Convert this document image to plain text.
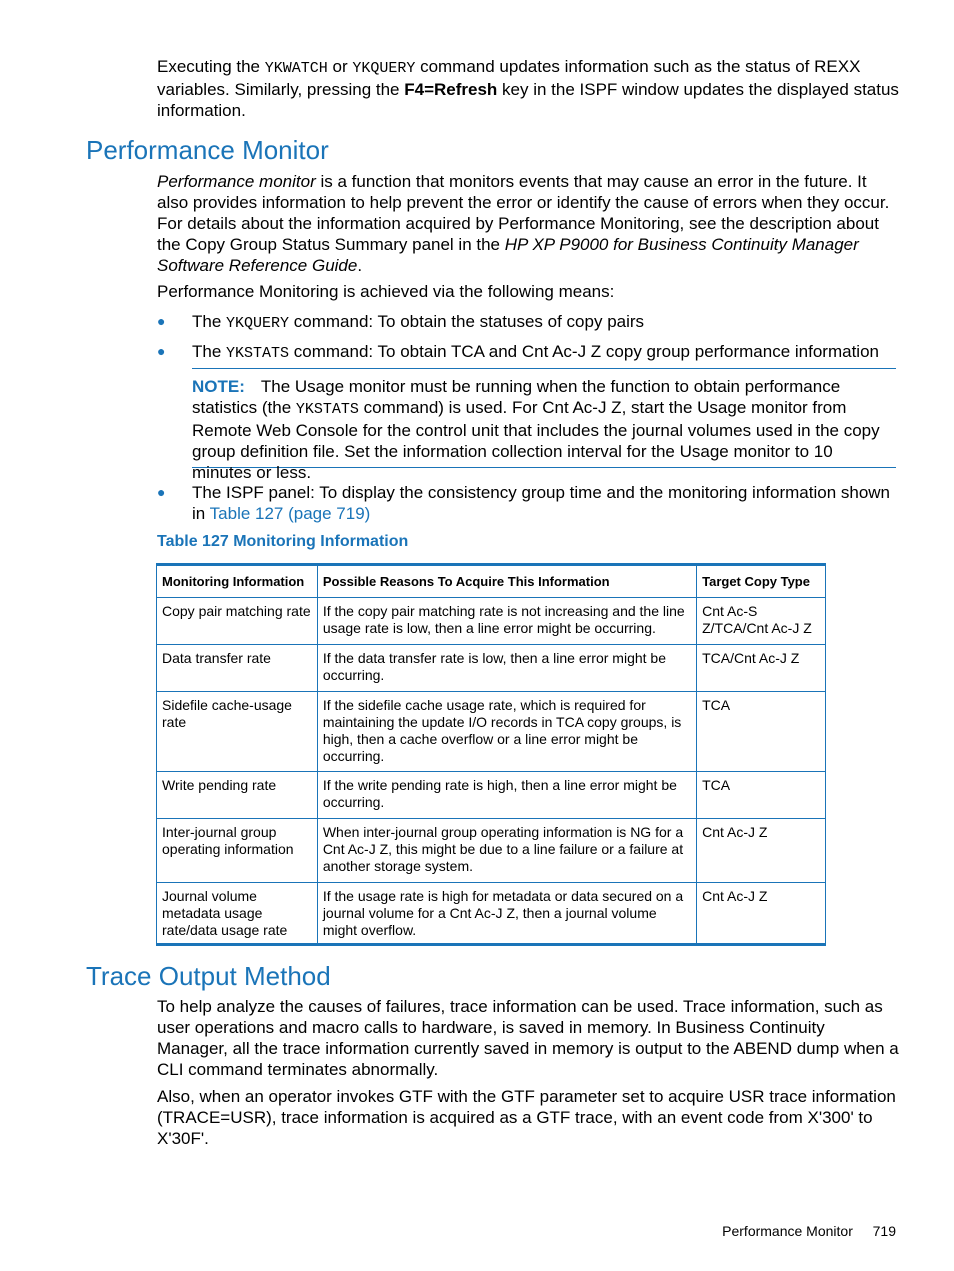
Executing the YKWATCH or YKQUERY command updates information such as the status of REXX variables. Similarly, pressing the F4=Refresh key in the ISPF window updates the displayed status information.

Performance Monitor

Performance monitor is a function that monitors events that may cause an error in the future. It also provides information to help prevent the error or identify the cause of errors when they occur. For details about the information acquired by Performance Monitoring, see the description about the Copy Group Status Summary panel in the HP XP P9000 for Business Continuity Manager Software Reference Guide.

Performance Monitoring is achieved via the following means:

● The YKQUERY command: To obtain the statuses of copy pairs
● The YKSTATS command: To obtain TCA and Cnt Ac-J Z copy group performance information
NOTE: The Usage monitor must be running when the function to obtain performance statistics (the YKSTATS command) is used. For Cnt Ac-J Z, start the Usage monitor from Remote Web Console for the control unit that includes the journal volumes used in the copy group definition file. Set the information collection interval for the Usage monitor to 10 minutes or less.
● The ISPF panel: To display the consistency group time and the monitoring information shown in Table 127 (page 719)
Table 127 Monitoring Information
Monitoring Information	Possible Reasons To Acquire This Information	Target Copy Type
Copy pair matching rate	If the copy pair matching rate is not increasing and the line usage rate is low, then a line error might be occurring.	Cnt Ac-S Z/TCA/Cnt Ac-J Z
Data transfer rate	If the data transfer rate is low, then a line error might be occurring.	TCA/Cnt Ac-J Z
Sidefile cache-usage rate	If the sidefile cache usage rate, which is required for maintaining the update I/O records in TCA copy groups, is high, then a cache overflow or a line error might be occurring.	TCA
Write pending rate	If the write pending rate is high, then a line error might be occurring.	TCA
Inter-journal group operating information	When inter-journal group operating information is NG for a Cnt Ac-J Z, this might be due to a line failure or a failure at another storage system.	Cnt Ac-J Z
Journal volume metadata usage rate/data usage rate	If the usage rate is high for metadata or data secured on a journal volume for a Cnt Ac-J Z, then a journal volume might overflow.	Cnt Ac-J Z
Trace Output Method

To help analyze the causes of failures, trace information can be used. Trace information, such as user operations and macro calls to hardware, is saved in memory. In Business Continuity Manager, all the trace information currently saved in memory is output to the ABEND dump when a CLI command terminates abnormally.

Also, when an operator invokes GTF with the GTF parameter set to acquire USR trace information (TRACE=USR), trace information is acquired as a GTF trace, with an event code from X'300' to X'30F'.

Performance Monitor 719
